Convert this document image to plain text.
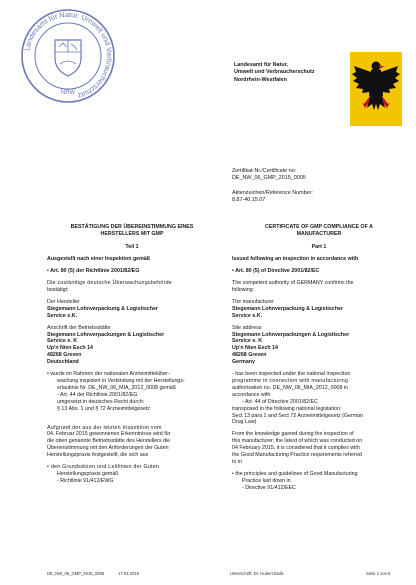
Landesamt für Natur, Umwelt und Verbraucherschutz
NRW
Landesamt für Natur,
Umwelt und Verbraucherschutz
Nordrhein-Westfalen
Zertifikat-Nr./Certificate no:
DE_NW_06_GMP_2015_0005
Aktenzeichen/Reference Number:
8.87-40.15.07
BESTÄTIGUNG DER ÜBEREINSTIMMUNG EINES
HERSTELLERS MIT GMP
Teil 1
Ausgestellt nach einer Inspektion gemäß
• Art. 80 (5) der Richtlinie 2001/82/EG
Die zuständige deutsche Überwachungsbehörde
bestätigt:
Der Hersteller
Stegemann Lohnverpackung & Logistischer
Service e.K.
Anschrift der Betriebsstätte
Stegemann Lohnverpackungen & Logistischer
Service e. K
Up'n Nien Esch 14
48268 Greven
Deutschland
• wurde im Rahmen der nationalen Arzneimittelüber-
wachung inspiziert in Verbindung mit der Herstellungs-
erlaubnis Nr. DE_NW_06_MIA_2012_0008 gemäß
- Art. 44 der Richtlinie 2001/82/EG
umgesetzt in deutsches Recht durch:
§ 13 Abs. 1 und § 72 Arzneimittelgesetz
Aufgrund der aus der letzten Inspektion vom
04. Februar 2015 gewonnenen Erkenntnisse wird für
die oben genannte Betriebsstätte des Herstellers die
Übereinstimmung mit den Anforderungen der Guten
Herstellungspraxis festgestellt, die sich aus
• den Grundsätzen und Leitlinien der Guten
Herstellungspraxis gemäß
- Richtlinie 91/412/EWG
CERTIFICATE OF GMP COMPLIANCE OF A
MANUFACTURER
Part 1
Issued following an inspection in accordance with
• Art. 80 (5) of Directive 2001/82/EC
The competent authority of GERMANY confirms the
following:
The manufacturer
Stegemann Lohnverpackung & Logistischer
Service e.K.
Site address
Stegemann Lohnverpackungen & Logistischer
Service e. K
Up'n Nien Esch 14
48268 Greven
Germany
- has been inspected under the national inspection
programme in connection with manufacturing
authorisation no. DE_NW_06_MIA_2012_0008 in
accordance with
- Art. 44 of Directive 2001/82/EC
transposed in the following national legislation:
Sect 13 para 1 and Sect 72 Arzneimittelgesetz (German
Drug Law)
From the knowledge gained during the inspection of
this manufacturer, the latest of which was conducted on
04 February 2015, it is considered that it complies with
the Good Manufacturing Practice requirements referred
to in
• the principles and guidelines of Good Manufacturing
Practice laid down in
- Directive 91/412/EEC
DE_NW_06_GMP_2015_0005	17.03.2015	Unterschrift: Dr. Hubert Bode	Seite 1 von 5
